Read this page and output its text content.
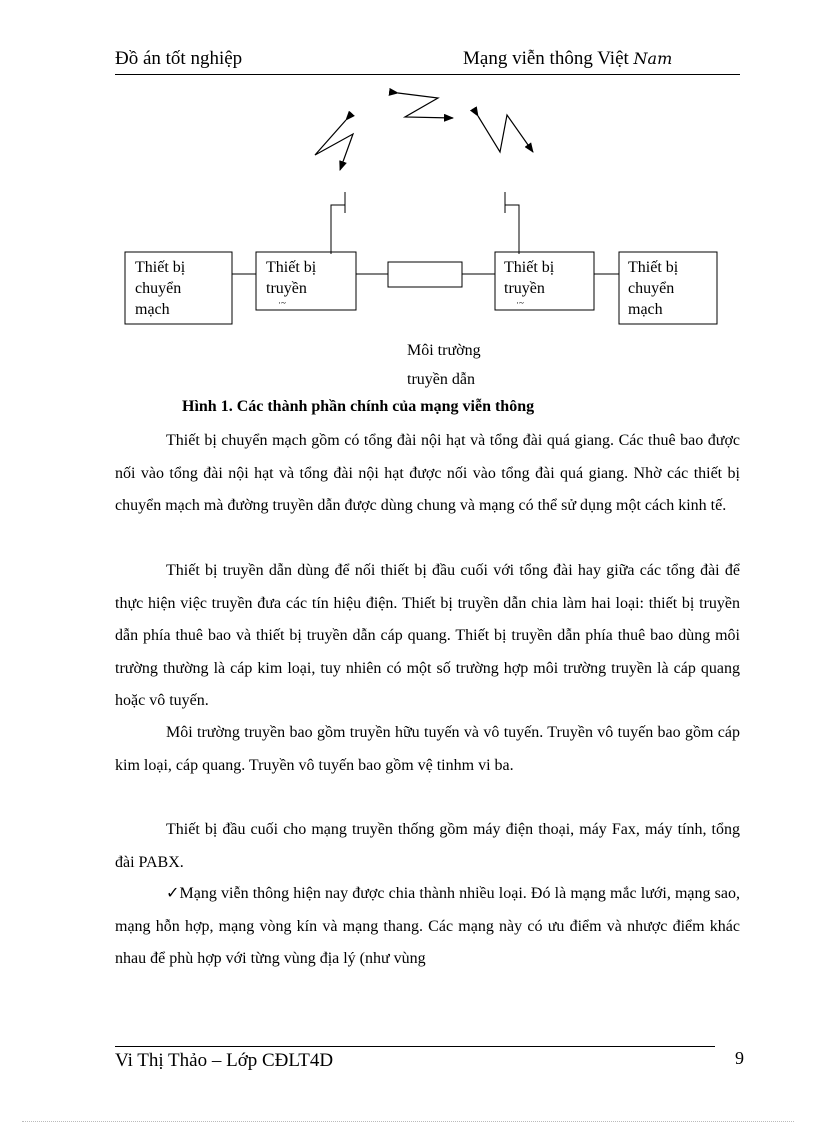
Đồ án tốt nghiệp	Mạng viễn thông Việt Nam
Thiết bị
chuyển
mạch
Thiết bị
truyền
·~
Thiết bị
truyền
·~
Thiết bị
chuyển
mạch
Môi trường
truyền dẫn
Hình 1. Các thành phần chính của mạng viễn thông

Thiết bị chuyển mạch gồm có tổng đài nội hạt và tổng đài quá giang. Các thuê bao được nối vào tổng đài nội hạt và tổng đài nội hạt được nối vào tổng đài quá giang. Nhờ các thiết bị chuyển mạch mà đường truyền dẫn được dùng chung và mạng có thể sử dụng một cách kinh tế.

Thiết bị truyền dẫn dùng để nối thiết bị đầu cuối với tổng đài hay giữa các tổng đài để thực hiện việc truyền đưa các tín hiệu điện. Thiết bị truyền dẫn chia làm hai loại: thiết bị truyền dẫn phía thuê bao và thiết bị truyền dẫn cáp quang. Thiết bị truyền dẫn phía thuê bao dùng môi trường thường là cáp kim loại, tuy nhiên có một số trường hợp môi trường truyền là cáp quang hoặc vô tuyến.

Môi trường truyền bao gồm truyền hữu tuyến và vô tuyến. Truyền vô tuyến bao gồm cáp kim loại, cáp quang. Truyền vô tuyến bao gồm vệ tinhm vi ba.

Thiết bị đầu cuối cho mạng truyền thống gồm máy điện thoại, máy Fax, máy tính, tổng đài PABX.

✓Mạng viễn thông hiện nay được chia thành nhiều loại. Đó là mạng mắc lưới, mạng sao, mạng hỗn hợp, mạng vòng kín và mạng thang. Các mạng này có ưu điểm và nhược điểm khác nhau để phù hợp với từng vùng địa lý (như vùng

Vi Thị Thảo – Lớp CĐLT4D	9
